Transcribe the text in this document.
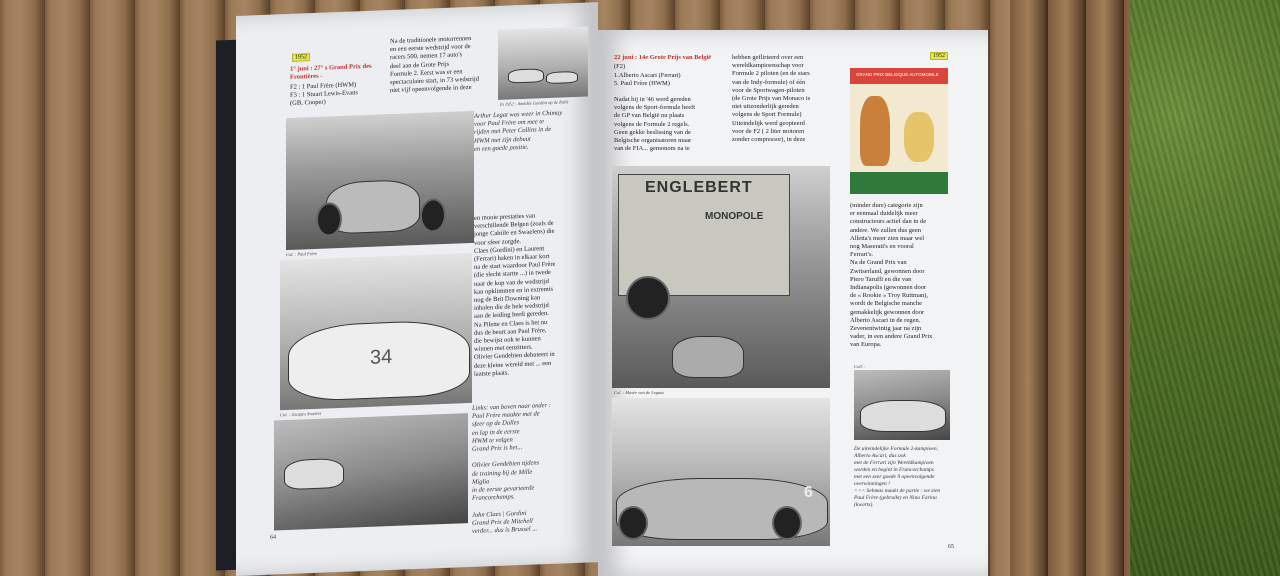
1952
1° juni : 27° s Grand Prix des Frontières -
F2 : 1 Paul Frère (HWM)
F3 : 1 Stuart Lewis-Evans
(GB, Cooper)
Na de traditionele motorrennen
en een eerste wedstrijd voor de
racers 500, nemen 17 auto's
deel aan de Grote Prijs
Formule 2. Eerst was er een
spectaculaire start, in 73 wedstrijd
niet vijf opeenvolgende in deze
In 1952 : Amédée Gordini op de Rolls
Arthur Legat was weer in Chimay
voor Paul Frère om mee te
rijden met Peter Collins in de
HWM met zijn debuut
en een goede positie.
Col. : Paul Frère
34
en mooie prestaties van
verschillende Belgen (zoals de
jonge Cabiile en Swaelens) die
voor sfeer zorgde.
Claes (Gordini) en Laurent
(Ferrari) haken in elkaar kort
na de start waardoor Paul Frère
(die slecht startte ...) in twede
naar de kop van de wedstrijd
kan opklimmen en in extremis
nog de Brit Downing kan
inhalen die de hele wedstrijd
aan de leiding heeft gereden.
Na Pilette en Claes is het nu
dus de beurt aan Paul Frère,
die bewijst ook te kunnen
winnen met eenzitters.
Olivier Gendebien debuteert in
deze kleine wereld met ... een
laatste plaats.
Col. : Jacques Swaters
Links: van boven naar onder :
Paul Frère maakte met de
sfeer op de Dalles
en lap in de eerste
HWM te volgen
Grand Prix is het...

Olivier Gendebien tijdens
de training bij de Mille
Miglia
in de eerste gevarieerde
Francorchamps.

John Claes | Gordini
Grand Prix de Mitchell
verder... dus is Brussel ...
64
1952
22 juni : 14e Grote Prijs van België
(F2)
1.Alberto Ascari (Ferrari)
5. Paul Frère (HWM)
Nadat hij in '46 werd gereden
volgens de Sport-formule heeft
de GP van België nu plaats
volgens de Formule 2 regels.
Geen gekke beslissing van de
Belgische organisatoren maar
van de FIA... gemonom na te
hebben geflirteerd over een
wereldkampioenschap voor
Formule 2 piloten (en de stars
van de Indy-formule) of één
voor de Sportwagen-piloten
(de Grote Prijs van Monaco is
niet uitzonderlijk gereden
volgens de Sport Formule)
Uiteindelijk werd geopteerd
voor de F2 ( 2 liter motoren
zonder compressor), in deze
ENGLEBERT
MONOPOLE
Col. : Musée van de Legaat
6
GRAND PRIX BELGIQUE AUTOMOBILE
(minder dure) categorie zijn
er eenmaal duidelijk meer
constructeurs actief dan in de
andere. We zullen dus geen
Alletta's meer zien maar wel
nog Maserati's en vooral
Ferrari's.
Na de Grand Prix van
Zwitserland, gewonnen door
Piero Taruffi en die van
Indianapolis (gewonnen door
de « Rookie » Troy Ruttman),
wordt de Belgische manche
gemakkelijk gewonnen door
Alberto Ascari in de regen.
Zevenentwintig jaar na zijn
vader, in een andere Grand Prix
van Europa.
Coll. :
De uiteindelijke Formule 2-kampioen,
Alberto Ascari, dus ook
met de Ferrari zijn Wereldkampioen
worden en begint in Francorchamps
met een zeer goede 9 opeenvolgende
overwinningen !
<<< Sebmas maakt de partie : we zien
Paul Frère (gebruikt) en Nino Farina
(kwarts).
65
